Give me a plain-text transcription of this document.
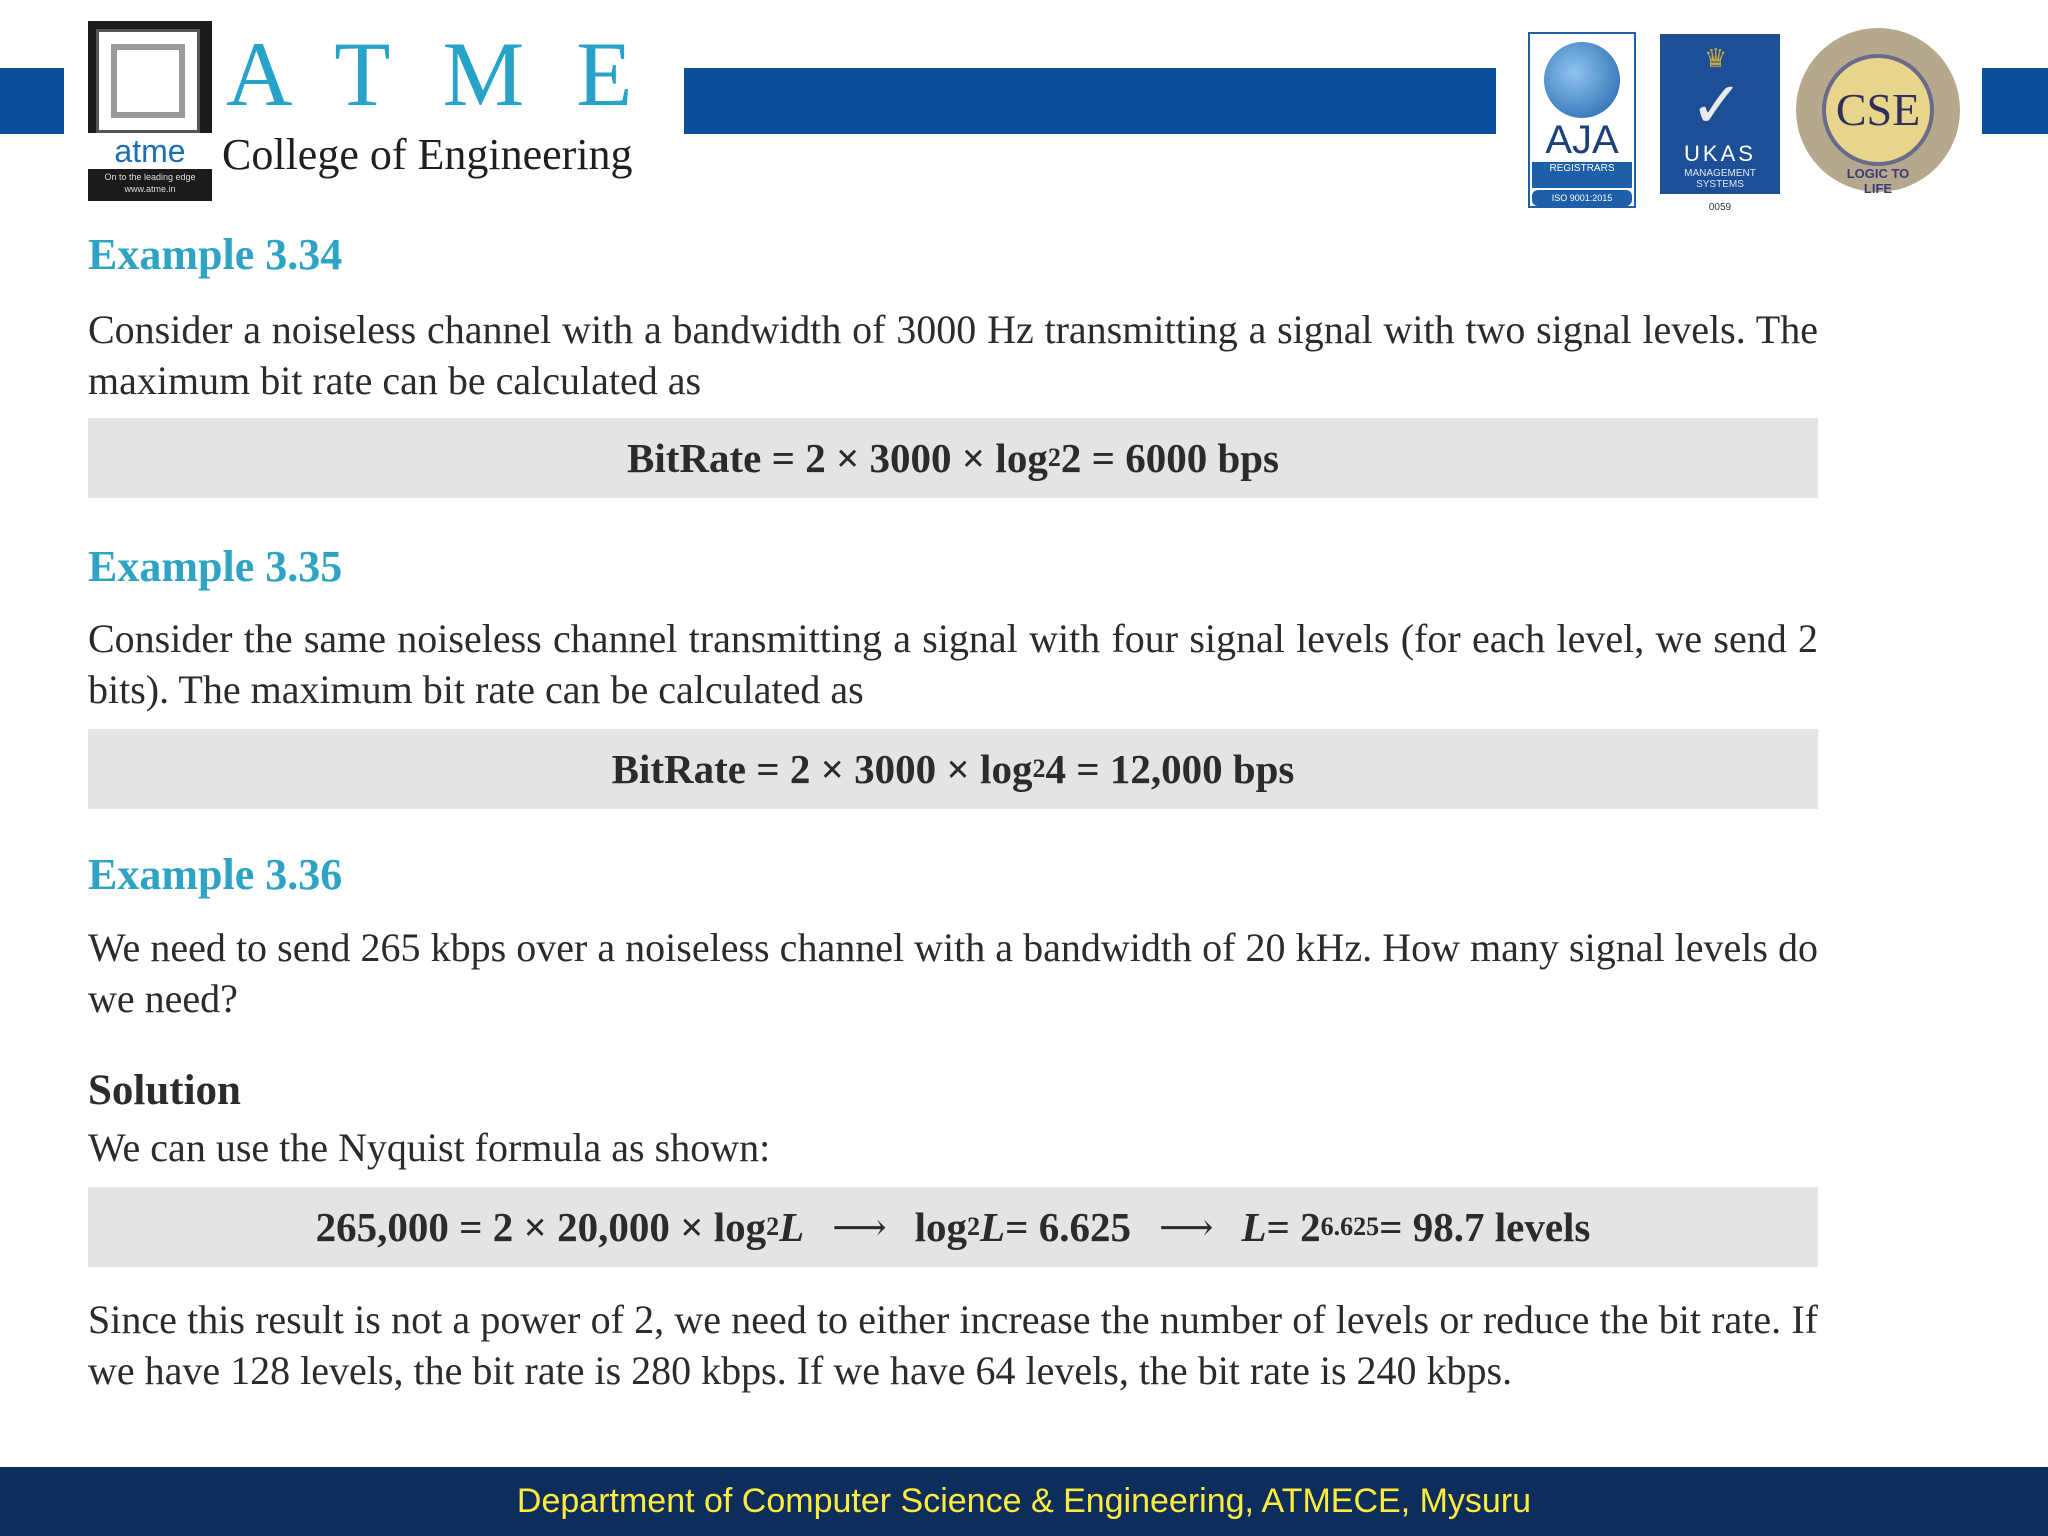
atme
On to the leading edge
www.atme.in
ATME
College of Engineering	AJA
REGISTRARS
ISO 9001:2015
♛
✓
UKAS
MANAGEMENT SYSTEMS
0059
CSE
LOGIC TO LIFE
Example 3.34
Consider a noiseless channel with a bandwidth of 3000 Hz transmitting a signal with two signal levels. The maximum bit rate can be calculated as
BitRate = 2 × 3000 × log 2 2 = 6000 bps
Example 3.35
Consider the same noiseless channel transmitting a signal with four signal levels (for each level, we send 2 bits). The maximum bit rate can be calculated as
BitRate = 2 × 3000 × log 2 4 = 12,000 bps
Example 3.36
We need to send 265 kbps over a noiseless channel with a bandwidth of 20 kHz. How many signal levels do we need?
Solution
We can use the Nyquist formula as shown:
265,000 = 2 × 20,000 × log 2 L ⟶ log 2 L = 6.625 ⟶ L = 2 6.625 = 98.7 levels
Since this result is not a power of 2, we need to either increase the number of levels or reduce the bit rate. If we have 128 levels, the bit rate is 280 kbps. If we have 64 levels, the bit rate is 240 kbps.
Department of Computer Science & Engineering, ATMECE, Mysuru
